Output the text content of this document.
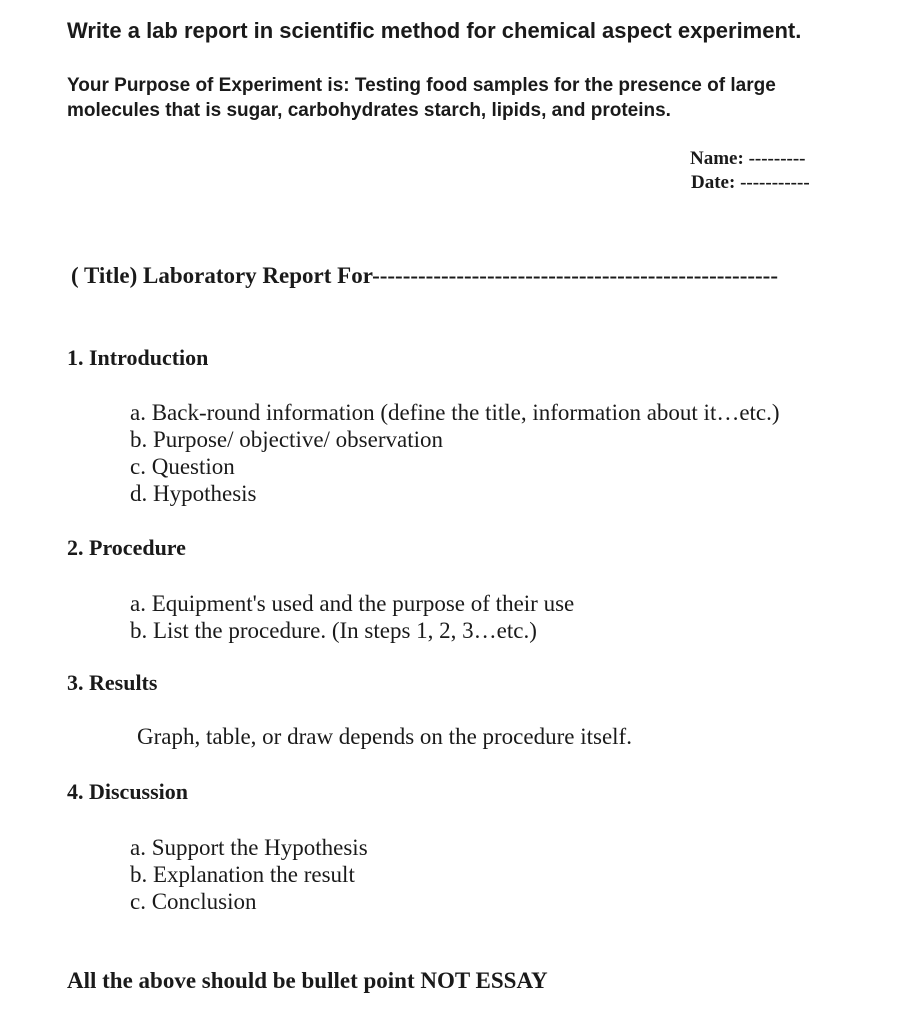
Write a lab report in scientific method for chemical aspect experiment.

Your Purpose of Experiment is: Testing food samples for the presence of large molecules that is sugar, carbohydrates starch, lipids, and proteins.

Name: ---------
Date: -----------
( Title) Laboratory Report For-----------------------------------------------------
1. Introduction
a. Back-round information (define the title, information about it…etc.)
b. Purpose/ objective/ observation
c. Question
d. Hypothesis
2. Procedure
a. Equipment's used and the purpose of their use
b. List the procedure. (In steps 1, 2, 3…etc.)
3. Results
Graph, table, or draw depends on the procedure itself.
4. Discussion
a. Support the Hypothesis
b. Explanation the result
c. Conclusion
All the above should be bullet point NOT ESSAY
